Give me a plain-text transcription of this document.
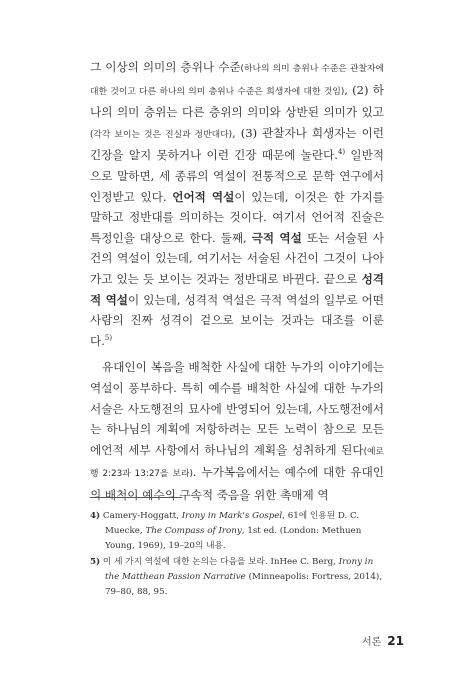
그 이상의 의미의 층위나 수준(하나의 의미 층위나 수준은 관찰자에 대한 것이고 다른 하나의 의미 층위나 수준은 희생자에 대한 것임), (2) 하나의 의미 층위는 다른 층위의 의미와 상반된 의미가 있고(각각 보이는 것은 진실과 정반대다), (3) 관찰자나 희생자는 이런 긴장을 알지 못하거나 이런 긴장 때문에 놀란다.$^{4)}$ 일반적으로 말하면, 세 종류의 역설이 전통적으로 문학 연구에서 인정받고 있다. 언어적 역설이 있는데, 이것은 한 가지를 말하고 정반대를 의미하는 것이다. 여기서 언어적 진술은 특정인을 대상으로 한다. 둘째, 극적 역설 또는 서술된 사건의 역설이 있는데, 여기서는 서술된 사건이 그것이 나아가고 있는 듯 보이는 것과는 정반대로 바뀐다. 끝으로 성격적 역설이 있는데, 성격적 역설은 극적 역설의 일부로 어떤 사람의 진짜 성격이 겉으로 보이는 것과는 대조를 이룬다.$^{5)}$

유대인이 복음을 배척한 사실에 대한 누가의 이야기에는 역설이 풍부하다. 특히 예수를 배척한 사실에 대한 누가의 서술은 사도행전의 묘사에 반영되어 있는데, 사도행전에서는 하나님의 계획에 저항하려는 모든 노력이 참으로 모든 에언적 세부 사항에서 하나님의 계획을 성취하게 된다(예로 행 2:23과 13:27을 보라). 누가복음에서는 예수에 대한 유대인의 배척이 예수의 구속적 죽음을 위한 촉매제 역

4) Camery-Hoggatt, Irony in Mark's Gospel, 61에 인용된 D. C. Muecke, The Compass of Irony, 1st ed. (London: Methuen Young, 1969), 19–20의 내용.

5) 이 세 가지 역설에 대한 논의는 다음을 보라. InHee C. Berg, Irony in the Matthean Passion Narrative (Minneapolis: Fortress, 2014), 79–80, 88, 95.

서론 21
